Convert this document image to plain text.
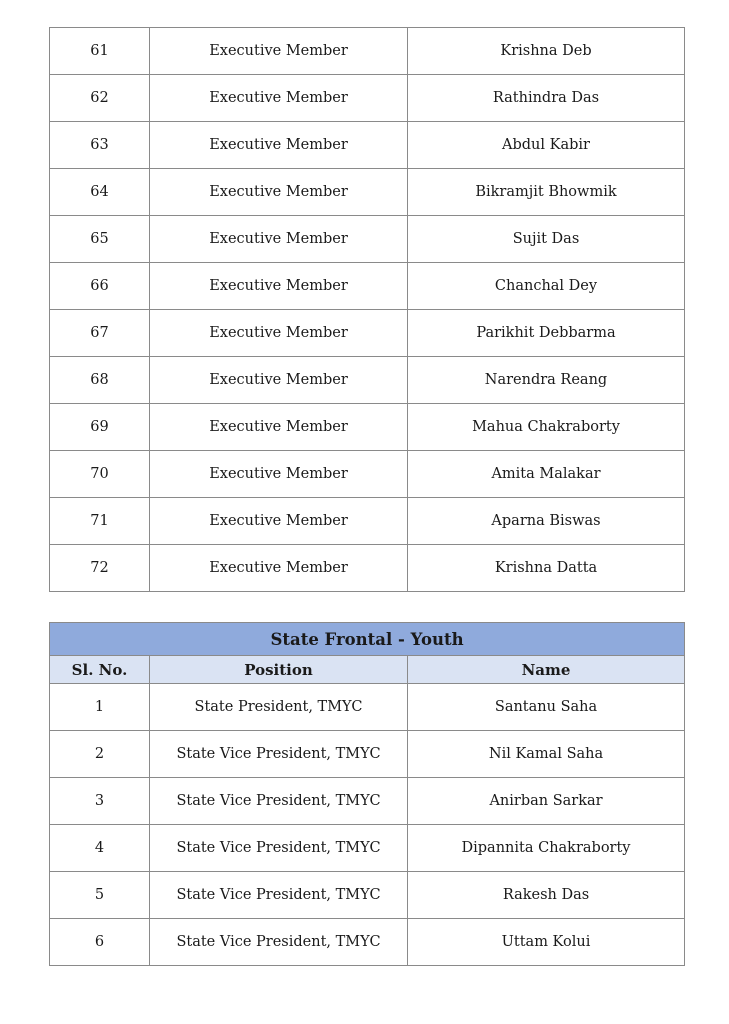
61	Executive Member	Krishna Deb
62	Executive Member	Rathindra Das
63	Executive Member	Abdul Kabir
64	Executive Member	Bikramjit Bhowmik
65	Executive Member	Sujit Das
66	Executive Member	Chanchal Dey
67	Executive Member	Parikhit Debbarma
68	Executive Member	Narendra Reang
69	Executive Member	Mahua Chakraborty
70	Executive Member	Amita Malakar
71	Executive Member	Aparna Biswas
72	Executive Member	Krishna Datta
State Frontal - Youth		
Sl. No.	Position	Name
1	State President, TMYC	Santanu Saha
2	State Vice President, TMYC	Nil Kamal Saha
3	State Vice President, TMYC	Anirban Sarkar
4	State Vice President, TMYC	Dipannita Chakraborty
5	State Vice President, TMYC	Rakesh Das
6	State Vice President, TMYC	Uttam Kolui
